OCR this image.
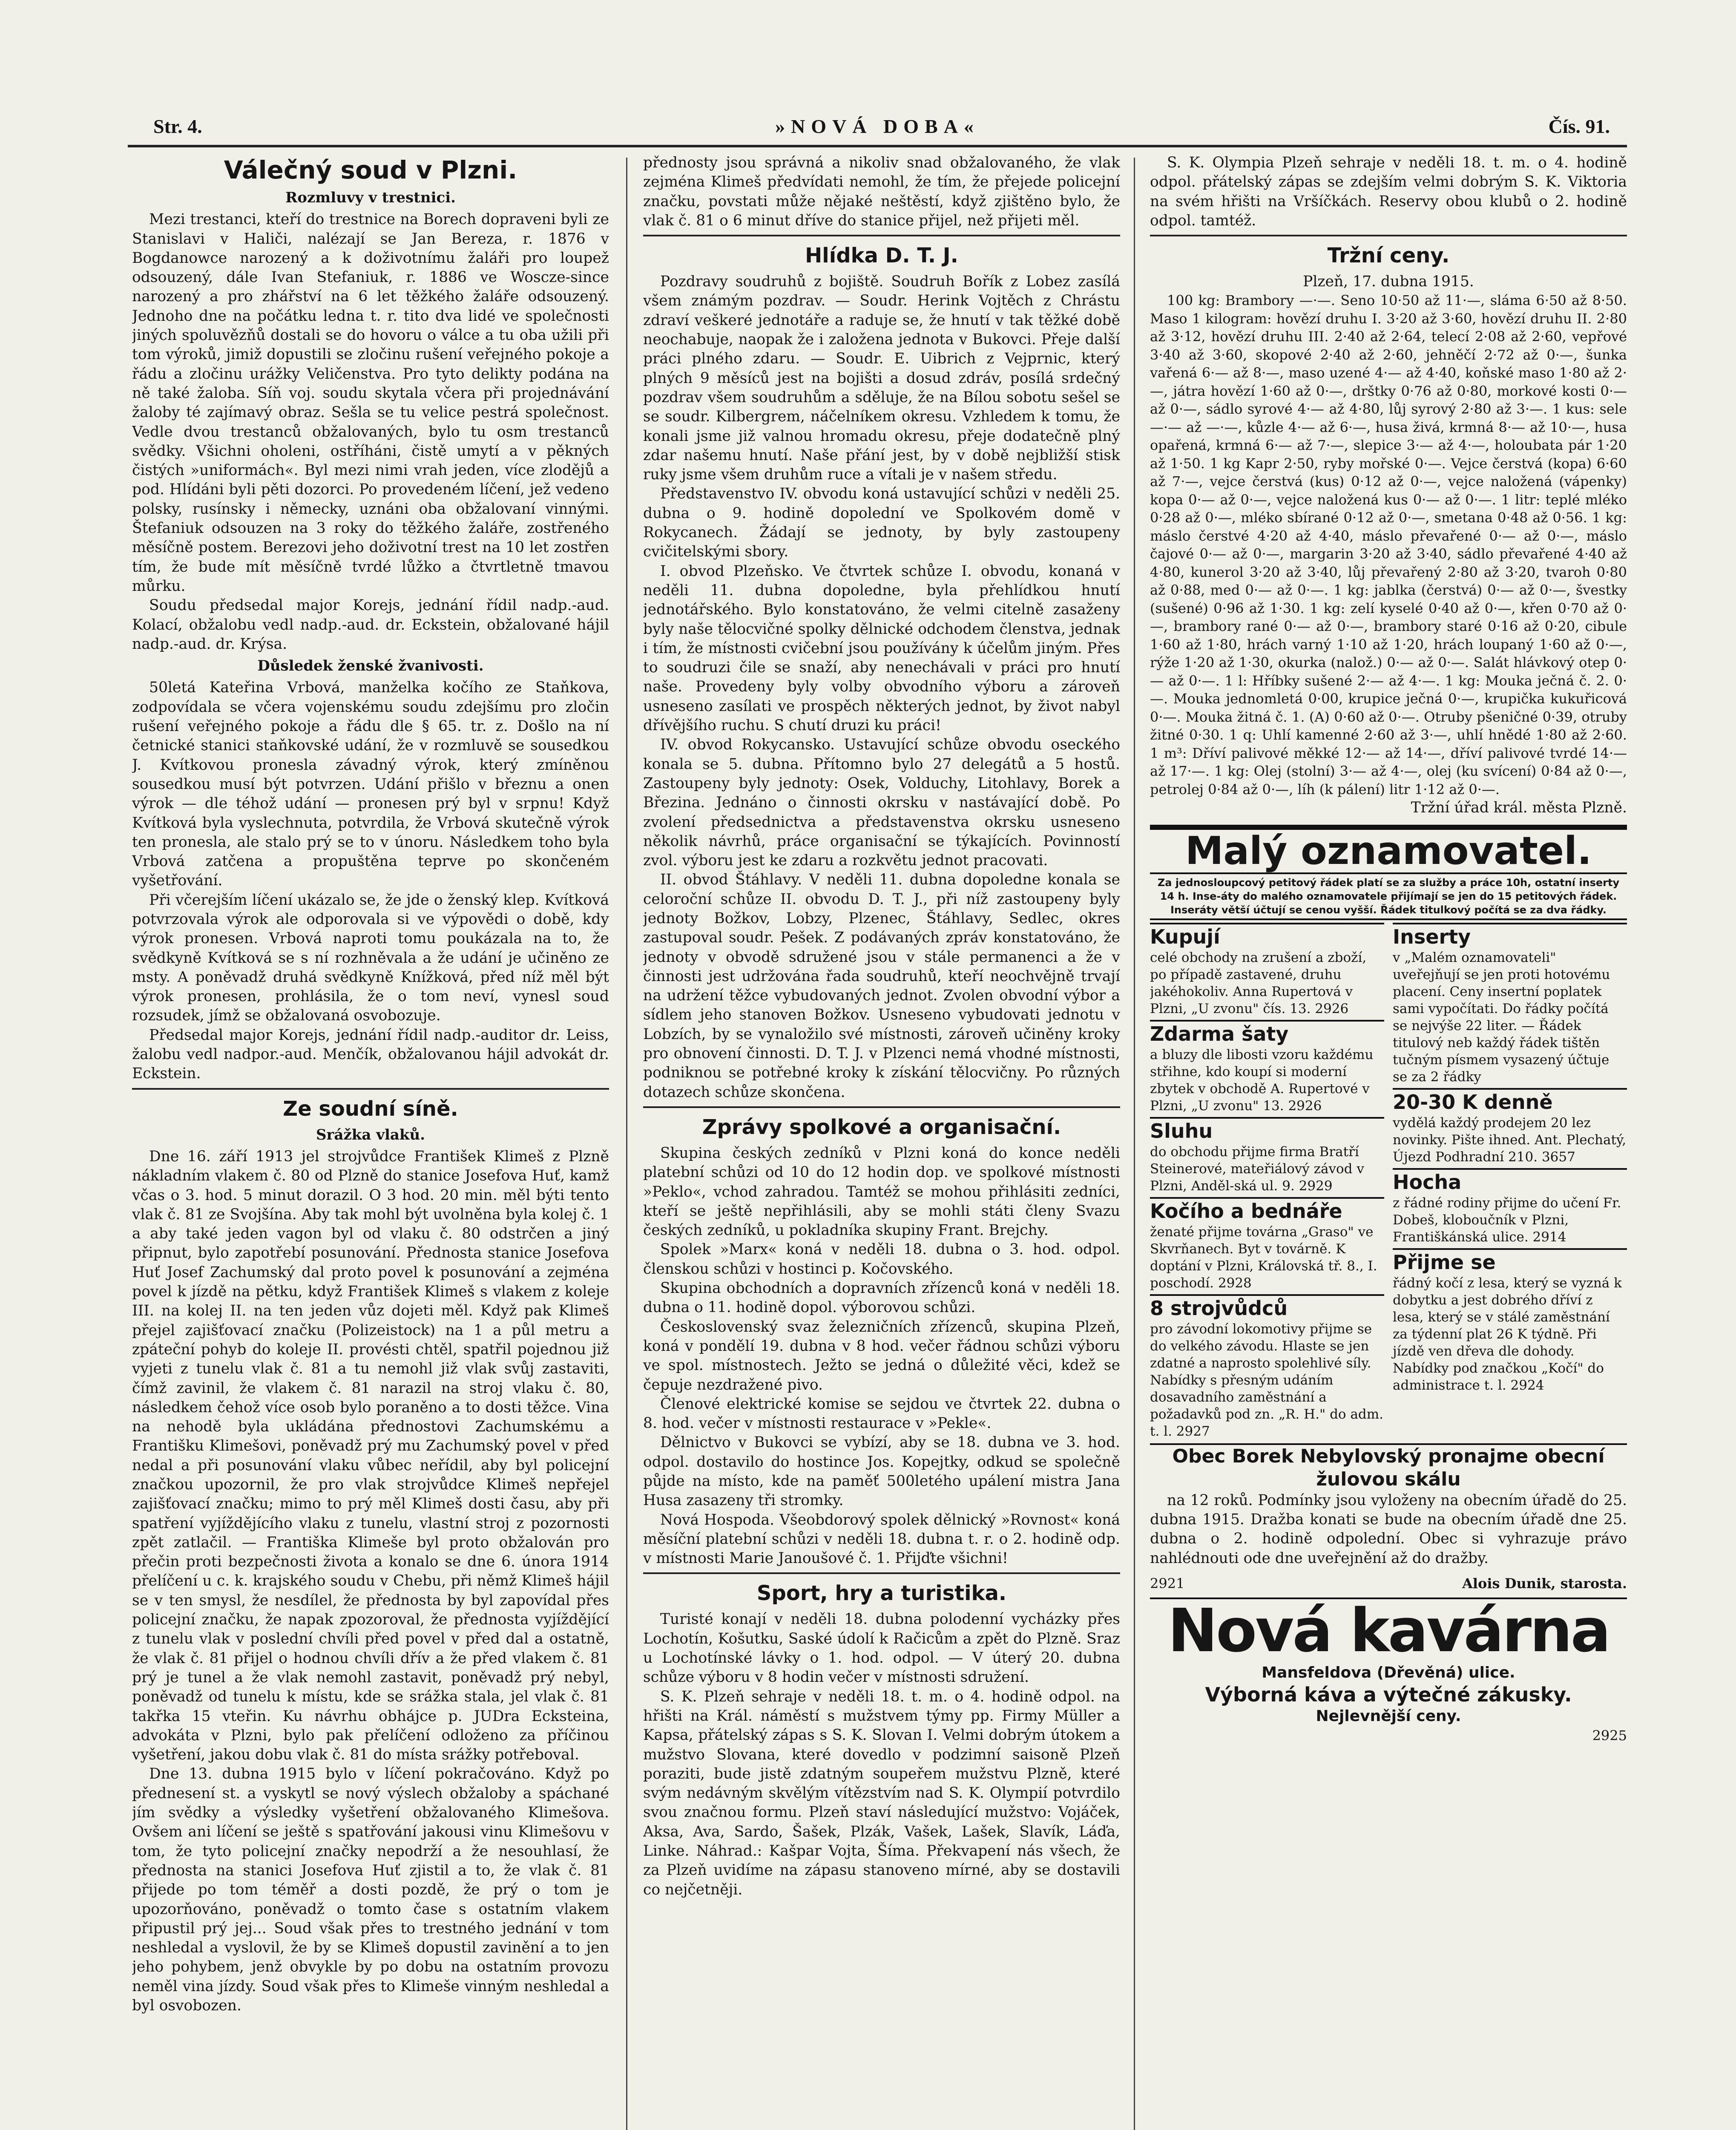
Str. 4.	»NOVÁ DOBA«	Čís. 91.
Válečný soud v Plzni.
Rozmluvy v trestnici.

Mezi trestanci, kteří do trestnice na Borech dopraveni byli ze Stanislavi v Haliči, nalézají se Jan Bereza, r. 1876 v Bogdanowce narozený a k doživotnímu žaláři pro loupež odsouzený, dále Ivan Stefaniuk, r. 1886 ve Woscze-since narozený a pro zhářství na 6 let těžkého žaláře odsouzený. Jednoho dne na počátku ledna t. r. tito dva lidé ve společnosti jiných spoluvězňů dostali se do hovoru o válce a tu oba užili při tom výroků, jimiž dopustili se zločinu rušení veřejného pokoje a řádu a zločinu urážky Veličenstva. Pro tyto delikty podána na ně také žaloba. Síň voj. soudu skytala včera při projednávání žaloby té zajímavý obraz. Sešla se tu velice pestrá společnost. Vedle dvou trestanců obžalovaných, bylo tu osm trestanců svědky. Všichni oholeni, ostříháni, čistě umytí a v pěkných čistých »uniformách«. Byl mezi nimi vrah jeden, více zlodějů a pod. Hlídáni byli pěti dozorci. Po provedeném líčení, jež vedeno polsky, rusínsky i německy, uznáni oba obžalovaní vinnými. Štefaniuk odsouzen na 3 roky do těžkého žaláře, zostřeného měsíčně postem. Berezovi jeho doživotní trest na 10 let zostřen tím, že bude mít měsíčně tvrdé lůžko a čtvrtletně tmavou můrku.

Soudu předsedal major Korejs, jednání řídil nadp.-aud. Kolací, obžalobu vedl nadp.-aud. dr. Eckstein, obžalované hájil nadp.-aud. dr. Krýsa.

Důsledek ženské žvanivosti.

50letá Kateřina Vrbová, manželka kočího ze Staňkova, zodpovídala se včera vojenskému soudu zdejšímu pro zločin rušení veřejného pokoje a řádu dle § 65. tr. z. Došlo na ní četnické stanici staňkovské udání, že v rozmluvě se sousedkou J. Kvítkovou pronesla závadný výrok, který zmíněnou sousedkou musí být potvrzen. Udání přišlo v březnu a onen výrok — dle téhož udání — pronesen prý byl v srpnu! Když Kvítková byla vyslechnuta, potvrdila, že Vrbová skutečně výrok ten pronesla, ale stalo prý se to v únoru. Následkem toho byla Vrbová zatčena a propuštěna teprve po skončeném vyšetřování.

Při včerejším líčení ukázalo se, že jde o ženský klep. Kvítková potvrzovala výrok ale odporovala si ve výpovědi o době, kdy výrok pronesen. Vrbová naproti tomu poukázala na to, že svědkyně Kvítková se s ní rozhněvala a že udání je učiněno ze msty. A poněvadž druhá svědkyně Knížková, před níž měl být výrok pronesen, prohlásila, že o tom neví, vynesl soud rozsudek, jímž se obžalovaná osvobozuje.

Předsedal major Korejs, jednání řídil nadp.-auditor dr. Leiss, žalobu vedl nadpor.-aud. Menčík, obžalovanou hájil advokát dr. Eckstein.

Ze soudní síně.
Srážka vlaků.

Dne 16. září 1913 jel strojvůdce František Klimeš z Plzně nákladním vlakem č. 80 od Plzně do stanice Josefova Huť, kamž včas o 3. hod. 5 minut dorazil. O 3 hod. 20 min. měl býti tento vlak č. 81 ze Svojšína. Aby tak mohl být uvolněna byla kolej č. 1 a aby také jeden vagon byl od vlaku č. 80 odstrčen a jiný připnut, bylo zapotřebí posunování. Přednosta stanice Josefova Huť Josef Zachumský dal proto povel k posunování a zejména povel k jízdě na pětku, když František Klimeš s vlakem z koleje III. na kolej II. na ten jeden vůz dojeti měl. Když pak Klimeš přejel zajišťovací značku (Polizeistock) na 1 a půl metru a zpáteční pohyb do koleje II. provésti chtěl, spatřil pojednou již vyjeti z tunelu vlak č. 81 a tu nemohl již vlak svůj zastaviti, čímž zavinil, že vlakem č. 81 narazil na stroj vlaku č. 80, následkem čehož více osob bylo poraněno a to dosti těžce. Vina na nehodě byla ukládána přednostovi Zachumskému a Františku Klimešovi, poněvadž prý mu Zachumský povel v před nedal a při posunování vlaku vůbec neřídil, aby byl policejní značkou upozornil, že pro vlak strojvůdce Klimeš nepřejel zajišťovací značku; mimo to prý měl Klimeš dosti času, aby při spatření vyjíždějícího vlaku z tunelu, vlastní stroj z pozornosti zpět zatlačil. — Františka Klimeše byl proto obžalován pro přečin proti bezpečnosti života a konalo se dne 6. února 1914 přelíčení u c. k. krajského soudu v Chebu, při němž Klimeš hájil se v ten smysl, že nesdílel, že přednosta by byl zapovídal přes policejní značku, že napak zpozoroval, že přednosta vyjíždějící z tunelu vlak v poslední chvíli před povel v před dal a ostatně, že vlak č. 81 přijel o hodnou chvíli dřív a že před vlakem č. 81 prý je tunel a že vlak nemohl zastavit, poněvadž prý nebyl, poněvadž od tunelu k místu, kde se srážka stala, jel vlak č. 81 takřka 15 vteřin. Ku návrhu obhájce p. JUDra Ecksteina, advokáta v Plzni, bylo pak přelíčení odloženo za příčinou vyšetření, jakou dobu vlak č. 81 do místa srážky potřeboval.

Dne 13. dubna 1915 bylo v líčení pokračováno. Když po přednesení st. a vyskytl se nový výslech obžaloby a spáchané jím svědky a výsledky vyšetření obžalovaného Klimešova. Ovšem ani líčení se ještě s spatřování jakousi vinu Klimešovu v tom, že tyto policejní značky nepodrží a že nesouhlasí, že přednosta na stanici Josefova Huť zjistil a to, že vlak č. 81 přijede po tom téměř a dosti pozdě, že prý o tom je upozorňováno, poněvadž o tomto čase s ostatním vlakem připustil prý jej... Soud však přes to trestného jednání v tom neshledal a vyslovil, že by se Klimeš dopustil zavinění a to jen jeho pohybem, jenž obvykle by po dobu na ostatním provozu neměl vina jízdy. Soud však přes to Klimeše vinným neshledal a byl osvobozen.

přednosty jsou správná a nikoliv snad obžalovaného, že vlak zejména Klimeš předvídati nemohl, že tím, že přejede policejní značku, povstati může nějaké neštěstí, když zjištěno bylo, že vlak č. 81 o 6 minut dříve do stanice přijel, než přijeti měl.

Hlídka D. T. J.

Pozdravy soudruhů z bojiště. Soudruh Bořík z Lobez zasílá všem známým pozdrav. — Soudr. Herink Vojtěch z Chrástu zdraví veškeré jednotáře a raduje se, že hnutí v tak těžké době neochabuje, naopak že i založena jednota v Bukovci. Přeje další práci plného zdaru. — Soudr. E. Uibrich z Vejprnic, který plných 9 měsíců jest na bojišti a dosud zdráv, posílá srdečný pozdrav všem soudruhům a sděluje, že na Bílou sobotu sešel se se soudr. Kilbergrem, náčelníkem okresu. Vzhledem k tomu, že konali jsme již valnou hromadu okresu, přeje dodatečně plný zdar našemu hnutí. Naše přání jest, by v době nejbližší stisk ruky jsme všem druhům ruce a vítali je v našem středu.

Představenstvo IV. obvodu koná ustavující schůzi v neděli 25. dubna o 9. hodině dopolední ve Spolkovém domě v Rokycanech. Žádají se jednoty, by byly zastoupeny cvičitelskými sbory.

I. obvod Plzeňsko. Ve čtvrtek schůze I. obvodu, konaná v neděli 11. dubna dopoledne, byla přehlídkou hnutí jednotářského. Bylo konstatováno, že velmi citelně zasaženy byly naše tělocvičné spolky dělnické odchodem členstva, jednak i tím, že místnosti cvičební jsou používány k účelům jiným. Přes to soudruzi čile se snaží, aby nenechávali v práci pro hnutí naše. Provedeny byly volby obvodního výboru a zároveň usneseno zasílati ve prospěch některých jednot, by život nabyl dřívějšího ruchu. S chutí druzi ku práci!

IV. obvod Rokycansko. Ustavující schůze obvodu oseckého konala se 5. dubna. Přítomno bylo 27 delegátů a 5 hostů. Zastoupeny byly jednoty: Osek, Volduchy, Litohlavy, Borek a Březina. Jednáno o činnosti okrsku v nastávající době. Po zvolení předsednictva a představenstva okrsku usneseno několik návrhů, práce organisační se týkajících. Povinností zvol. výboru jest ke zdaru a rozkvětu jednot pracovati.

II. obvod Štáhlavy. V neděli 11. dubna dopoledne konala se celoroční schůze II. obvodu D. T. J., při níž zastoupeny byly jednoty Božkov, Lobzy, Plzenec, Štáhlavy, Sedlec, okres zastupoval soudr. Pešek. Z podávaných zpráv konstatováno, že jednoty v obvodě sdružené jsou v stále permanenci a že v činnosti jest udržována řada soudruhů, kteří neochvějně trvají na udržení těžce vybudovaných jednot. Zvolen obvodní výbor a sídlem jeho stanoven Božkov. Usneseno vybudovati jednotu v Lobzích, by se vynaložilo své místnosti, zároveň učiněny kroky pro obnovení činnosti. D. T. J. v Plzenci nemá vhodné místnosti, podniknou se potřebné kroky k získání tělocvičny. Po různých dotazech schůze skončena.

Zprávy spolkové a organisační.

Skupina českých zedníků v Plzni koná do konce neděli platební schůzi od 10 do 12 hodin dop. ve spolkové místnosti »Peklo«, vchod zahradou. Tamtéž se mohou přihlásiti zedníci, kteří se ještě nepřihlásili, aby se mohli státi členy Svazu českých zedníků, u pokladníka skupiny Frant. Brejchy.

Spolek »Marx« koná v neděli 18. dubna o 3. hod. odpol. členskou schůzi v hostinci p. Kočovského.

Skupina obchodních a dopravních zřízenců koná v neděli 18. dubna o 11. hodině dopol. výborovou schůzi.

Československý svaz železničních zřízenců, skupina Plzeň, koná v pondělí 19. dubna v 8 hod. večer řádnou schůzi výboru ve spol. místnostech. Ježto se jedná o důležité věci, kdež se čepuje nezdražené pivo.

Členové elektrické komise se sejdou ve čtvrtek 22. dubna o 8. hod. večer v místnosti restaurace v »Pekle«.

Dělnictvo v Bukovci se vybízí, aby se 18. dubna ve 3. hod. odpol. dostavilo do hostince Jos. Kopejtky, odkud se společně půjde na místo, kde na paměť 500letého upálení mistra Jana Husa zasazeny tři stromky.

Nová Hospoda. Všeobdorový spolek dělnický »Rovnost« koná měsíční platební schůzi v neděli 18. dubna t. r. o 2. hodině odp. v místnosti Marie Janoušové č. 1. Přijďte všichni!

Sport, hry a turistika.

Turisté konají v neděli 18. dubna polodenní vycházky přes Lochotín, Košutku, Saské údolí k Račicům a zpět do Plzně. Sraz u Lochotínské lávky o 1. hod. odpol. — V úterý 20. dubna schůze výboru v 8 hodin večer v místnosti sdružení.

S. K. Plzeň sehraje v neděli 18. t. m. o 4. hodině odpol. na hřišti na Král. náměstí s mužstvem týmy pp. Firmy Müller a Kapsa, přátelský zápas s S. K. Slovan I. Velmi dobrým útokem a mužstvo Slovana, které dovedlo v podzimní saisoně Plzeň poraziti, bude jistě zdatným soupeřem mužstvu Plzně, které svým nedávným skvělým vítězstvím nad S. K. Olympií potvrdilo svou značnou formu. Plzeň staví následující mužstvo: Vojáček, Aksa, Ava, Sardo, Šašek, Plzák, Vašek, Lašek, Slavík, Láďa, Linke. Náhrad.: Kašpar Vojta, Šíma. Překvapení nás všech, že za Plzeň uvidíme na zápasu stanoveno mírné, aby se dostavili co nejčetněji.

S. K. Olympia Plzeň sehraje v neděli 18. t. m. o 4. hodině odpol. přátelský zápas se zdejším velmi dobrým S. K. Viktoria na svém hřišti na Vršíčkách. Reservy obou klubů o 2. hodině odpol. tamtéž.

Tržní ceny.
Plzeň, 17. dubna 1915.

100 kg: Brambory —·—. Seno 10·50 až 11·—, sláma 6·50 až 8·50. Maso 1 kilogram: hovězí druhu I. 3·20 až 3·60, hovězí druhu II. 2·80 až 3·12, hovězí druhu III. 2·40 až 2·64, telecí 2·08 až 2·60, vepřové 3·40 až 3·60, skopové 2·40 až 2·60, jehněčí 2·72 až 0·—, šunka vařená 6·— až 8·—, maso uzené 4·— až 4·40, koňské maso 1·80 až 2·—, játra hovězí 1·60 až 0·—, drštky 0·76 až 0·80, morkové kosti 0·— až 0·—, sádlo syrové 4·— až 4·80, lůj syrový 2·80 až 3·—. 1 kus: sele —·— až —·—, kůzle 4·— až 6·—, husa živá, krmná 8·— až 10·—, husa opařená, krmná 6·— až 7·—, slepice 3·— až 4·—, holoubata pár 1·20 až 1·50. 1 kg Kapr 2·50, ryby mořské 0·—. Vejce čerstvá (kopa) 6·60 až 7·—, vejce čerstvá (kus) 0·12 až 0·—, vejce naložená (vápenky) kopa 0·— až 0·—, vejce naložená kus 0·— až 0·—. 1 litr: teplé mléko 0·28 až 0·—, mléko sbírané 0·12 až 0·—, smetana 0·48 až 0·56. 1 kg: máslo čerstvé 4·20 až 4·40, máslo převařené 0·— až 0·—, máslo čajové 0·— až 0·—, margarin 3·20 až 3·40, sádlo převařené 4·40 až 4·80, kunerol 3·20 až 3·40, lůj převařený 2·80 až 3·20, tvaroh 0·80 až 0·88, med 0·— až 0·—. 1 kg: jablka (čerstvá) 0·— až 0·—, švestky (sušené) 0·96 až 1·30. 1 kg: zelí kyselé 0·40 až 0·—, křen 0·70 až 0·—, brambory rané 0·— až 0·—, brambory staré 0·16 až 0·20, cibule 1·60 až 1·80, hrách varný 1·10 až 1·20, hrách loupaný 1·60 až 0·—, rýže 1·20 až 1·30, okurka (nalož.) 0·— až 0·—. Salát hlávkový otep 0·— až 0·—. 1 l: Hříbky sušené 2·— až 4·—. 1 kg: Mouka ječná č. 2. 0·—. Mouka jednomletá 0·00, krupice ječná 0·—, krupička kukuřicová 0·—. Mouka žitná č. 1. (A) 0·60 až 0·—. Otruby pšeničné 0·39, otruby žitné 0·30. 1 q: Uhlí kamenné 2·60 až 3·—, uhlí hnědé 1·80 až 2·60. 1 m³: Dříví palivové měkké 12·— až 14·—, dříví palivové tvrdé 14·— až 17·—. 1 kg: Olej (stolní) 3·— až 4·—, olej (ku svícení) 0·84 až 0·—, petrolej 0·84 až 0·—, líh (k pálení) litr 1·12 až 0·—.

Tržní úřad král. města Plzně.
Malý oznamovatel.
Za jednosloupcový petitový řádek platí se za služby a práce 10h, ostatní inserty 14 h. Inse-áty do malého oznamovatele přijímají se jen do 15 petitových řádek. Inseráty větší účtují se cenou vyšší. Řádek titulkový počítá se za dva řádky.
Kupují
celé obchody na zrušení a zboží, po případě zastavené, druhu jakéhokoliv. Anna Rupertová v Plzni, „U zvonu" čís. 13. 2926
Zdarma šaty
a bluzy dle libosti vzoru každému střihne, kdo koupí si moderní zbytek v obchodě A. Rupertové v Plzni, „U zvonu" 13. 2926
Sluhu
do obchodu přijme firma Bratří Steinerové, mateřiálový závod v Plzni, Anděl-ská ul. 9. 2929
Kočího a bednáře
ženaté přijme továrna „Graso" ve Skvrňanech. Byt v továrně. K doptání v Plzni, Královská tř. 8., I. poschodí. 2928
8 strojvůdců
pro závodní lokomotivy přijme se do velkého závodu. Hlaste se jen zdatné a naprosto spolehlivé síly. Nabídky s přesným udáním dosavadního zaměstnání a požadavků pod zn. „R. H." do adm. t. l. 2927
Inserty
v „Malém oznamovateli" uveřejňují se jen proti hotovému placení. Ceny insertní poplatek sami vypočítati. Do řádky počítá se nejvýše 22 liter. — Řádek titulový neb každý řádek tištěn tučným písmem vysazený účtuje se za 2 řádky
20-30 K denně
vydělá každý prodejem 20 lez novinky. Pište ihned. Ant. Plechatý, Újezd Podhradní 210. 3657
Hocha
z řádné rodiny přijme do učení Fr. Dobeš, kloboučník v Plzni, Františkánská ulice. 2914
Přijme se
řádný kočí z lesa, který se vyzná k dobytku a jest dobrého dříví z lesa, který se v stálé zaměstnání za týdenní plat 26 K týdně. Při jízdě ven dřeva dle dohody. Nabídky pod značkou „Kočí" do administrace t. l. 2924
Obec Borek Nebylovský pronajme obecní žulovou skálu

na 12 roků. Podmínky jsou vyloženy na obecním úřadě do 25. dubna 1915. Dražba konati se bude na obecním úřadě dne 25. dubna o 2. hodině odpolední. Obec si vyhrazuje právo nahlédnouti ode dne uveřejnění až do dražby.

2921	Alois Dunik, starosta.
Nová kavárna
Mansfeldova (Dřevěná) ulice.
Výborná káva a výtečné zákusky.
Nejlevnější ceny.
2925
